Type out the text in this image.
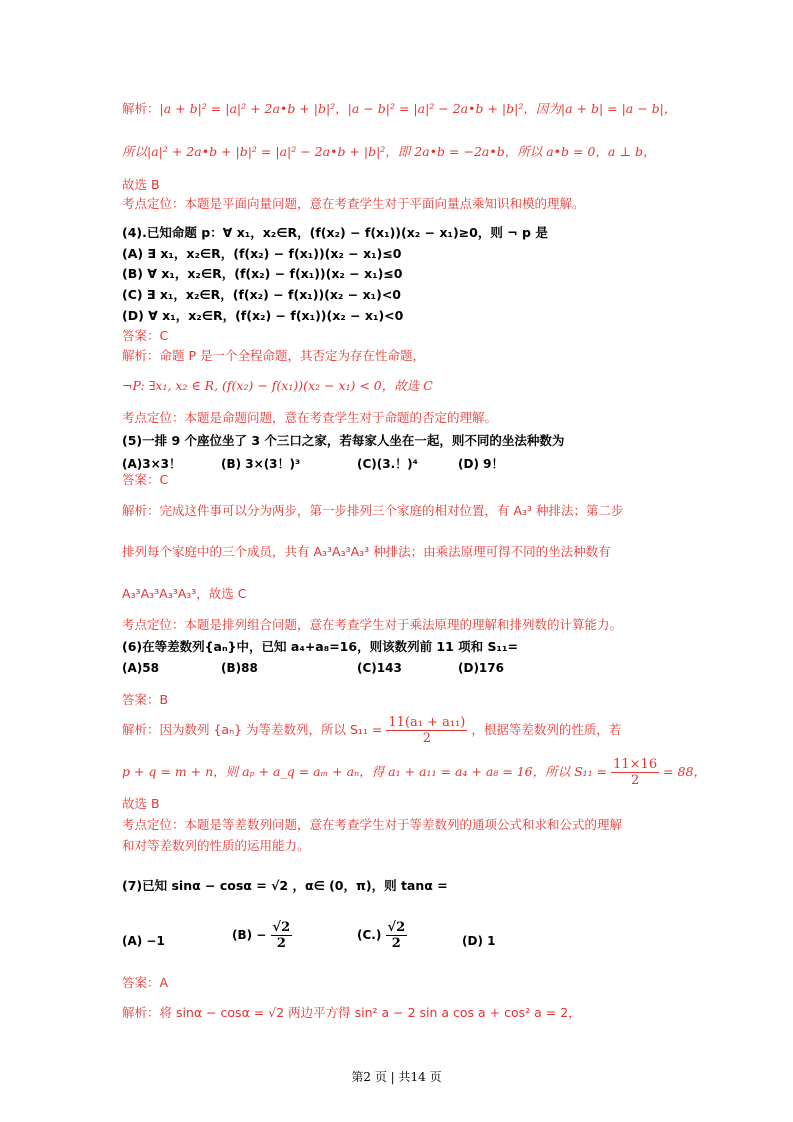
​
解析：|a + b|² = |a|² + 2a•b + |b|²，|a − b|² = |a|² − 2a•b + |b|²，因为|a + b| = |a − b|，
所以|a|² + 2a•b + |b|² = |a|² − 2a•b + |b|²，即 2a•b = −2a•b，所以 a•b = 0，a ⊥ b，
故选 B
考点定位：本题是平面向量问题，意在考查学生对于平面向量点乘知识和模的理解。
(4).已知命题 p：∀ x₁，x₂∈R，(f(x₂) − f(x₁))(x₂ − x₁)≥0，则 ¬ p 是
(A) ∃ x₁，x₂∈R，(f(x₂) − f(x₁))(x₂ − x₁)≤0
(B) ∀ x₁，x₂∈R，(f(x₂) − f(x₁))(x₂ − x₁)≤0
(C) ∃ x₁，x₂∈R，(f(x₂) − f(x₁))(x₂ − x₁)<0
(D) ∀ x₁，x₂∈R，(f(x₂) − f(x₁))(x₂ − x₁)<0
答案：C
解析：命题 P 是一个全程命题，其否定为存在性命题，
¬P: ∃x₁, x₂ ∈ R, (f(x₂) − f(x₁))(x₂ − x₁) < 0，故选 C
考点定位：本题是命题问题，意在考查学生对于命题的否定的理解。
(5)一排 9 个座位坐了 3 个三口之家，若每家人坐在一起，则不同的坐法种数为
(A)3×3！	(B) 3×(3！)³	(C)(3.！)⁴	(D) 9！
答案：C
解析：完成这件事可以分为两步，第一步排列三个家庭的相对位置，有 A₃³ 种排法；第二步
排列每个家庭中的三个成员，共有 A₃³A₃³A₃³ 种排法；由乘法原理可得不同的坐法种数有
A₃³A₃³A₃³A₃³，故选 C
考点定位：本题是排列组合问题，意在考查学生对于乘法原理的理解和排列数的计算能力。
(6)在等差数列{aₙ}中，已知 a₄+a₈=16，则该数列前 11 项和 S₁₁=
(A)58	(B)88	(C)143	(D)176
答案：B
解析：因为数列 {aₙ} 为等差数列，所以 $S_{11} = \frac{\text{11(a₁ + a₁₁)}}{2}$ ，根据等差数列的性质，若
p + q = m + n，则 aₚ + a_q = aₘ + aₙ，得 a₁ + a₁₁ = a₄ + a₈ = 16，所以 $S_{11} = \frac{11\times 16}{2} = 88$，
故选 B
考点定位：本题是等差数列问题，意在考查学生对于等差数列的通项公式和求和公式的理解
和对等差数列的性质的运用能力。
(7)已知 sinα − cosα = √2 ，α∈ (0，π)，则 tanα =
(A) −1	$(B) - \frac{√2}{2}$	$(C.) \frac{√2}{2}$	(D) 1
答案：A
解析：将 sinα − cosα = √2 两边平方得 sin² a − 2 sin a cos a + cos² a = 2，
第2 页 | 共14 页
